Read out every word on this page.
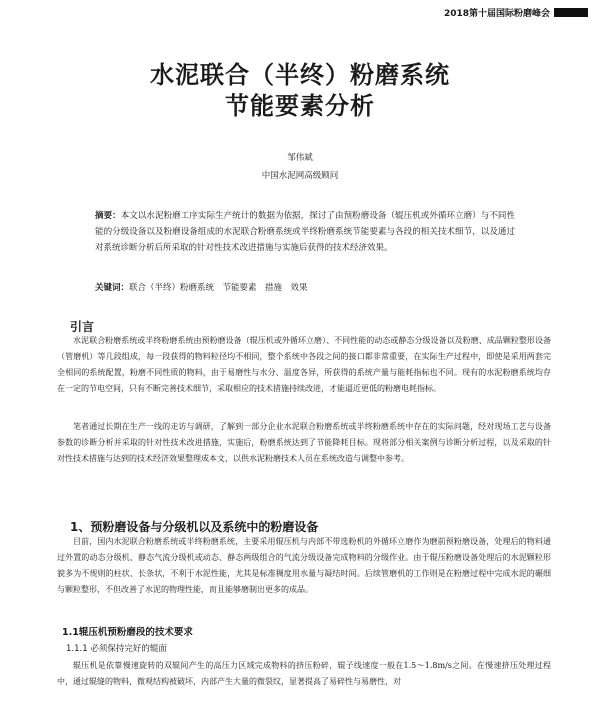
2018第十届国际粉磨峰会
水泥联合（半终）粉磨系统
节能要素分析
邹伟斌
中国水泥网高级顾问
摘要：本文以水泥粉磨工序实际生产统计的数据为依据，探讨了由预粉磨设备（辊压机或外循环立磨）与不同性能的分级设备以及粉磨设备组成的水泥联合粉磨系统或半终粉磨系统节能要素与各段的相关技术细节，以及通过对系统诊断分析后所采取的针对性技术改进措施与实施后获得的技术经济效果。
关键词：联合（半终）粉磨系统　节能要素　措施　效果
引言
水泥联合粉磨系统或半终粉磨系统由预粉磨设备（辊压机或外循环立磨）、不同性能的动态或静态分级设备以及粉磨、成品颗粒整形设备（管磨机）等几段组成，每一段获得的物料粒径均不相同，整个系统中各段之间的接口都非常重要，在实际生产过程中，即使是采用两套完全相同的系统配置，粉磨不同性质的物料，由于易磨性与水分、温度各异，所获得的系统产量与能耗指标也不同。现有的水泥粉磨系统均存在一定的节电空间，只有不断完善技术细节，采取相应的技术措施持续改进，才能逼近更低的粉磨电耗指标。
笔者通过长期在生产一线的走访与调研，了解到一部分企业水泥联合粉磨系统或半终粉磨系统中存在的实际问题，经对现场工艺与设备参数的诊断分析并采取的针对性技术改进措施，实施后，粉磨系统达到了节能降耗目标。现将部分相关案例与诊断分析过程，以及采取的针对性技术措施与达到的技术经济效果整理成本文，以供水泥粉磨技术人员在系统改造与调整中参考。
1、预粉磨设备与分级机以及系统中的粉磨设备
目前，国内水泥联合粉磨系统或半终粉磨系统，主要采用辊压机与内部不带选粉机的外循环立磨作为磨前预粉磨设备，处理后的物料通过外置的动态分级机、静态气流分级机或动态、静态两级组合的气流分级设备完成物料的分级作业。由于辊压粉磨设备处理后的水泥颗粒形貌多为不规则的柱状、长条状，不利于水泥性能，尤其是标准稠度用水量与凝结时间。后续管磨机的工作则是在粉磨过程中完成水泥的碾细与颗粒整形，不但改善了水泥的物理性能，而且能够磨制出更多的成品。
1.1辊压机预粉磨段的技术要求
1.1.1 必须保持完好的辊面
辊压机是依靠慢速旋转的双辊间产生的高压力区域完成物料的挤压粉碎，辊子线速度一般在1.5～1.8m/s之间。在慢速挤压处理过程中，通过辊缝的物料，微观结构被破坏，内部产生大量的微裂纹，显著提高了易碎性与易磨性，对
